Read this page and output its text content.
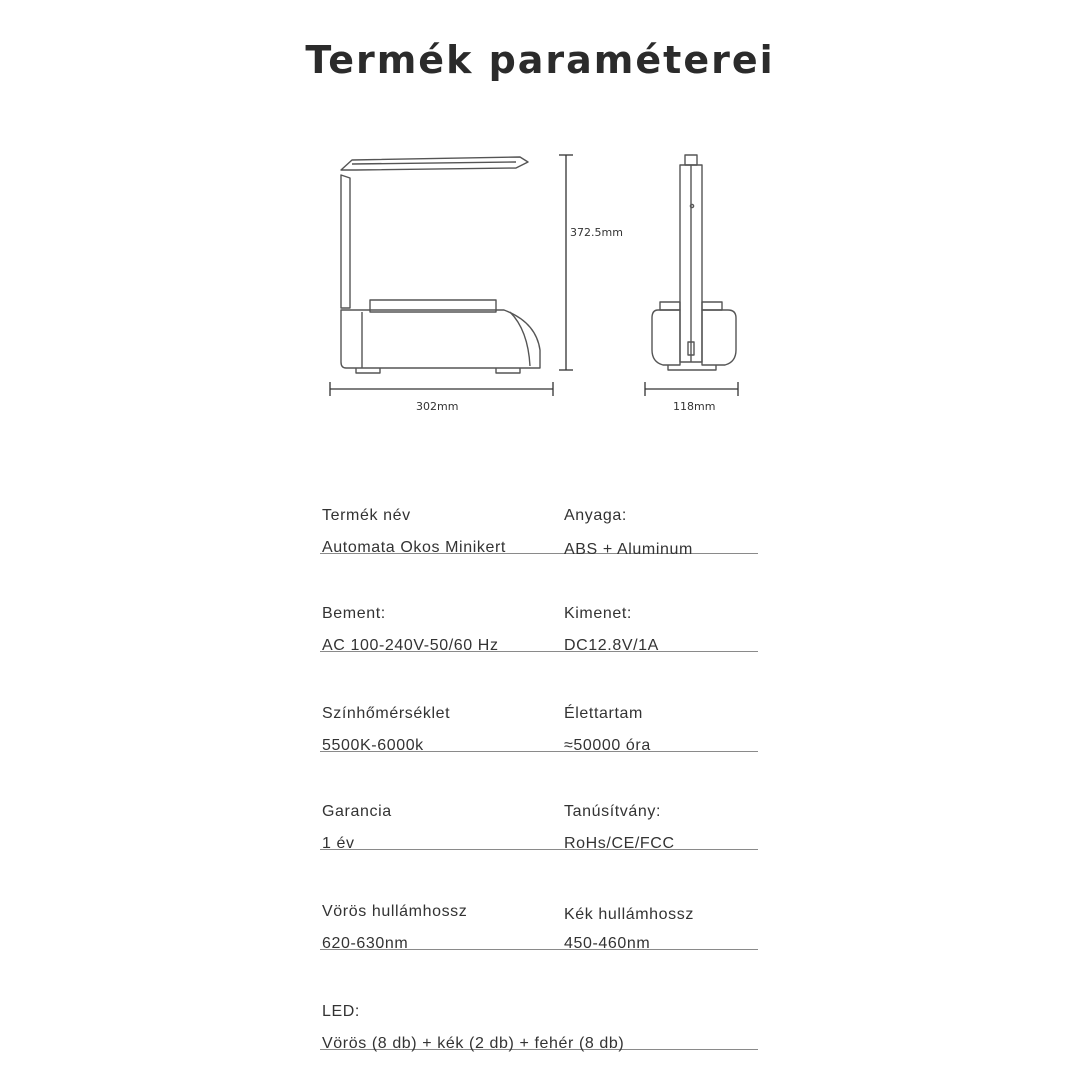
Termék paraméterei
372.5mm
302mm	118mm
Termék név
Automata Okos Minikert
Anyaga:
ABS + Aluminum
Bement:
AC 100-240V-50/60 Hz
Kimenet:
DC12.8V/1A
Színhőmérséklet
5500K-6000k
Élettartam
≈50000 óra
Garancia
1 év
Tanúsítvány:
RoHs/CE/FCC
Vörös hullámhossz
620-630nm
Kék hullámhossz
450-460nm
LED:
Vörös (8 db) + kék (2 db) + fehér (8 db)
